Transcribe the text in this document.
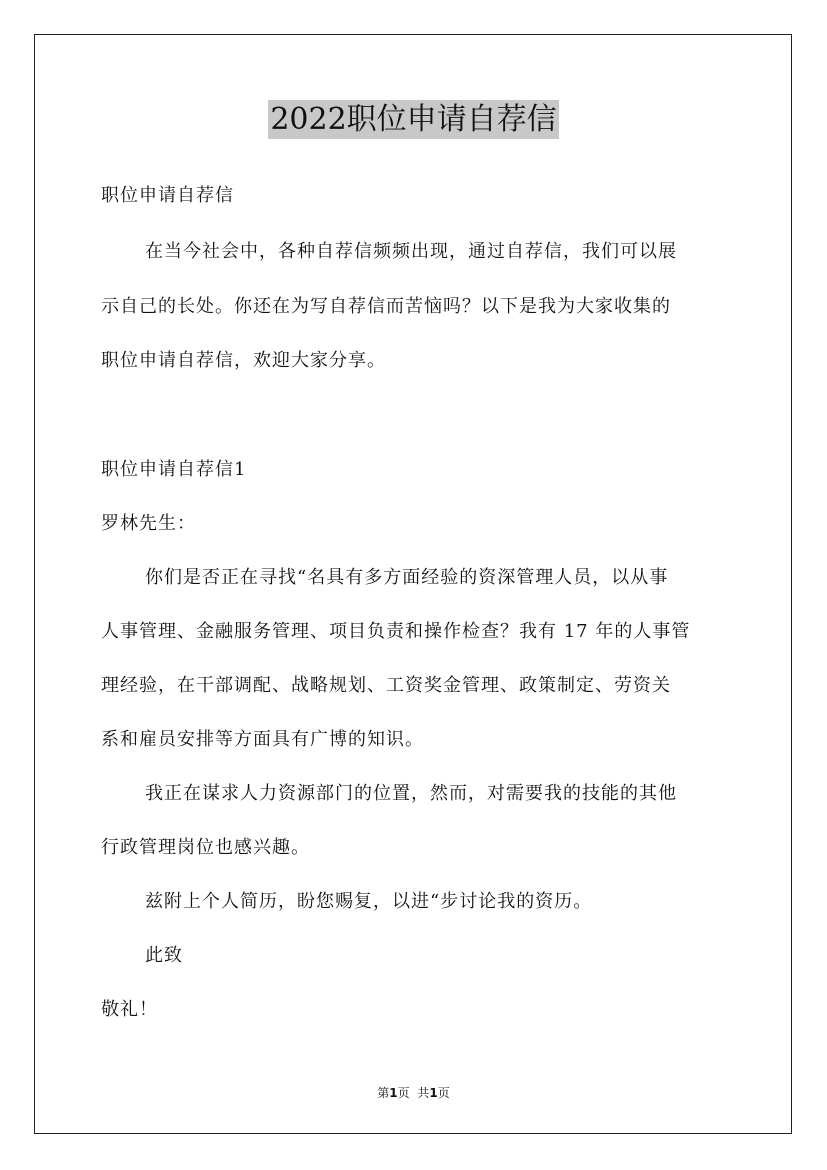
2022职位申请自荐信
职位申请自荐信
在当今社会中，各种自荐信频频出现，通过自荐信，我们可以展
示自己的长处。你还在为写自荐信而苦恼吗？以下是我为大家收集的
职位申请自荐信，欢迎大家分享。
职位申请自荐信1
罗林先生：
你们是否正在寻找“名具有多方面经验的资深管理人员，以从事
人事管理、金融服务管理、项目负责和操作检查？我有 17 年的人事管
理经验，在干部调配、战略规划、工资奖金管理、政策制定、劳资关
系和雇员安排等方面具有广博的知识。
我正在谋求人力资源部门的位置，然而，对需要我的技能的其他
行政管理岗位也感兴趣。
兹附上个人简历，盼您赐复，以进“步讨论我的资历。
此致
敬礼！
第1页 共1页
